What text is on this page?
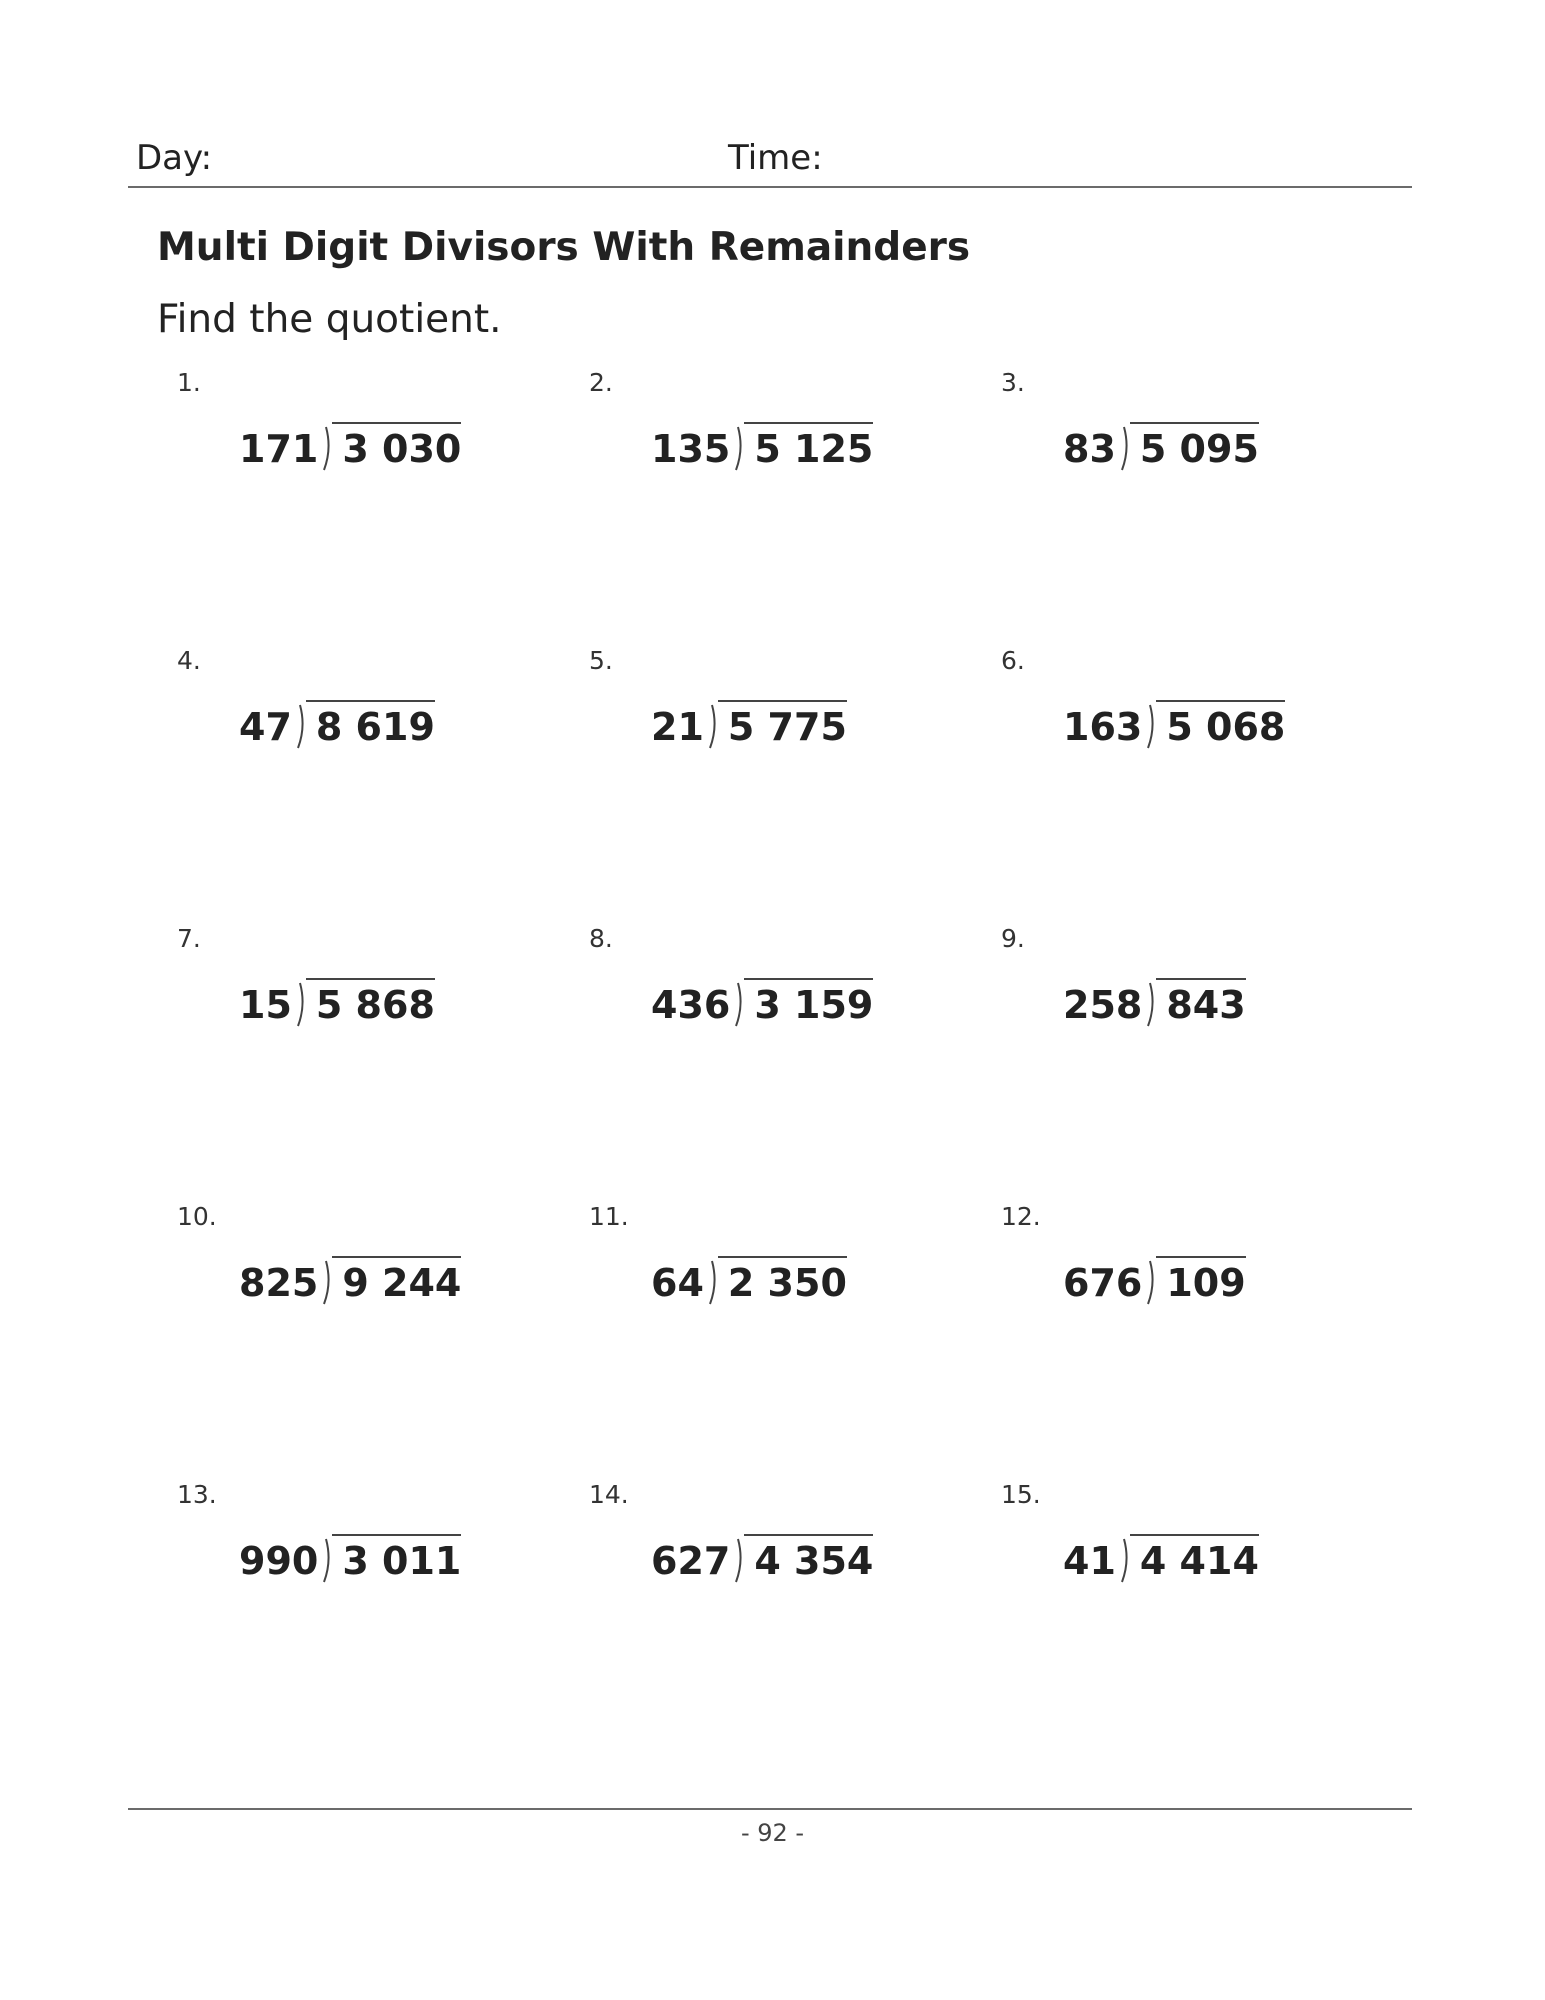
Day:	Time:
Multi Digit Divisors With Remainders
Find the quotient.
1.
171 3 030
2.
135 5 125
3.
83 5 095
4.
47 8 619
5.
21 5 775
6.
163 5 068
7.
15 5 868
8.
436 3 159
9.
258 843
10.
825 9 244
11.
64 2 350
12.
676 109
13.
990 3 011
14.
627 4 354
15.
41 4 414
- 92 -
